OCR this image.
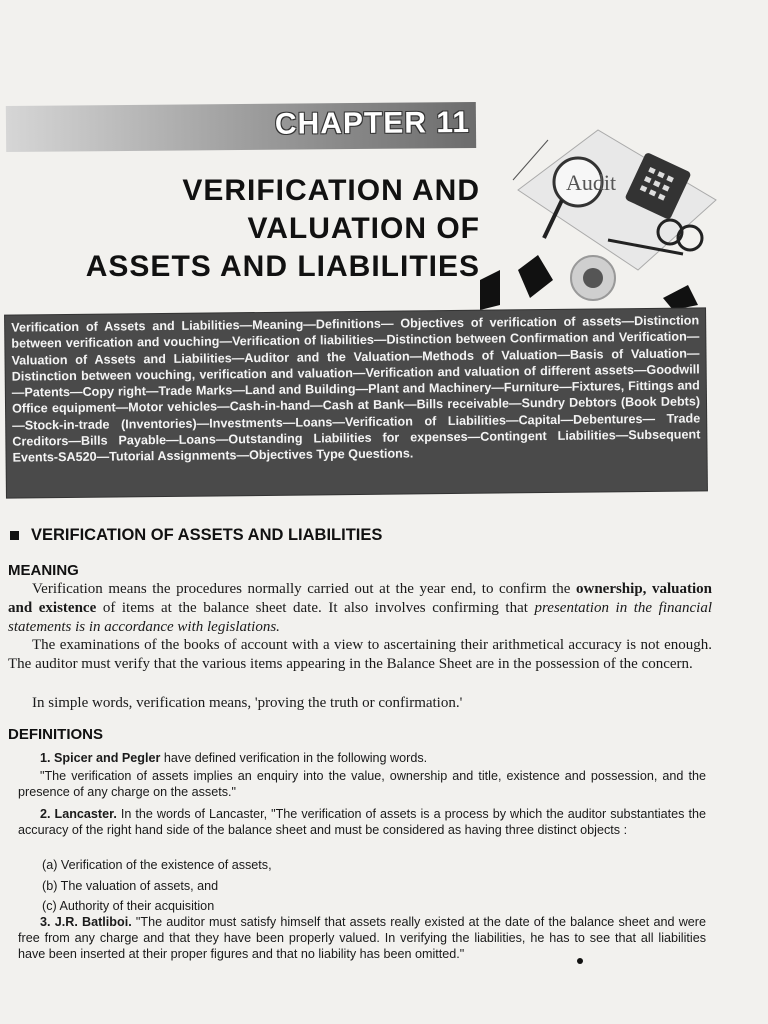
CHAPTER 11
VERIFICATION AND
VALUATION OF
ASSETS AND LIABILITIES
Audit
Verification of Assets and Liabilities—Meaning—Definitions— Objectives of verification of assets—Distinction between verification and vouching—Verification of liabilities—Distinction between Confirmation and Verification—Valuation of Assets and Liabilities—Auditor and the Valuation—Methods of Valuation—Basis of Valuation—Distinction between vouching, verification and valuation—Verification and valuation of different assets—Goodwill—Patents—Copy right—Trade Marks—Land and Building—Plant and Machinery—Furniture—Fixtures, Fittings and Office equipment—Motor vehicles—Cash-in-hand—Cash at Bank—Bills receivable—Sundry Debtors (Book Debts)—Stock-in-trade (Inventories)—Investments—Loans—Verification of Liabilities—Capital—Debentures— Trade Creditors—Bills Payable—Loans—Outstanding Liabilities for expenses—Contingent Liabilities—Subsequent Events-SA520—Tutorial Assignments—Objectives Type Questions.
VERIFICATION OF ASSETS AND LIABILITIES
MEANING
Verification means the procedures normally carried out at the year end, to confirm the ownership, valuation and existence of items at the balance sheet date. It also involves confirming that presentation in the financial statements is in accordance with legislations.
The examinations of the books of account with a view to ascertaining their arithmetical accuracy is not enough. The auditor must verify that the various items appearing in the Balance Sheet are in the possession of the concern.
In simple words, verification means, 'proving the truth or confirmation.'
DEFINITIONS
1. Spicer and Pegler have defined verification in the following words.
"The verification of assets implies an enquiry into the value, ownership and title, existence and possession, and the presence of any charge on the assets."
2. Lancaster. In the words of Lancaster, "The verification of assets is a process by which the auditor substantiates the accuracy of the right hand side of the balance sheet and must be considered as having three distinct objects :
(a) Verification of the existence of assets,
(b) The valuation of assets, and
(c) Authority of their acquisition
3. J.R. Batliboi. "The auditor must satisfy himself that assets really existed at the date of the balance sheet and were free from any charge and that they have been properly valued. In verifying the liabilities, he has to see that all liabilities have been inserted at their proper figures and that no liability has been omitted."
